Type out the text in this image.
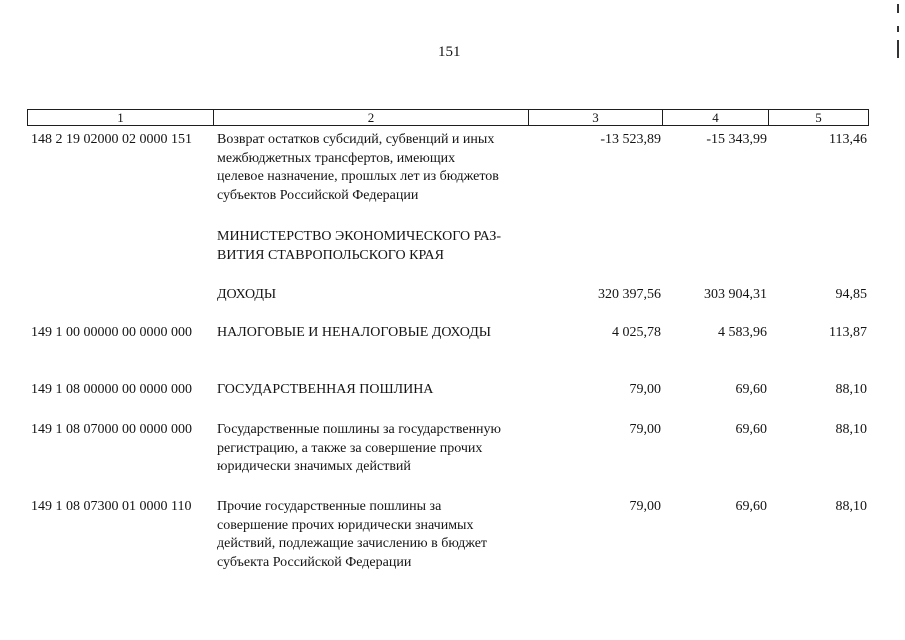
151
1	2	3	4	5
148 2 19 02000 02 0000 151 Возврат остатков субсидий, субвенций и иных
межбюджетных трансфертов, имеющих
целевое назначение, прошлых лет из бюджетов
субъектов Российской Федерации
-13 523,89	-15 343,99	113,46
МИНИСТЕРСТВО ЭКОНОМИЧЕСКОГО РАЗ-
ВИТИЯ СТАВРОПОЛЬСКОГО КРАЯ
ДОХОДЫ	320 397,56	303 904,31	94,85
149 1 00 00000 00 0000 000 НАЛОГОВЫЕ И НЕНАЛОГОВЫЕ ДОХОДЫ	4 025,78	4 583,96	113,87
149 1 08 00000 00 0000 000 ГОСУДАРСТВЕННАЯ ПОШЛИНА	79,00	69,60	88,10
149 1 08 07000 00 0000 000 Государственные пошлины за государственную
регистрацию, а также за совершение прочих
юридически значимых действий
79,00	69,60	88,10
149 1 08 07300 01 0000 110 Прочие государственные пошлины за
совершение прочих юридически значимых
действий, подлежащие зачислению в бюджет
субъекта Российской Федерации
79,00	69,60	88,10
